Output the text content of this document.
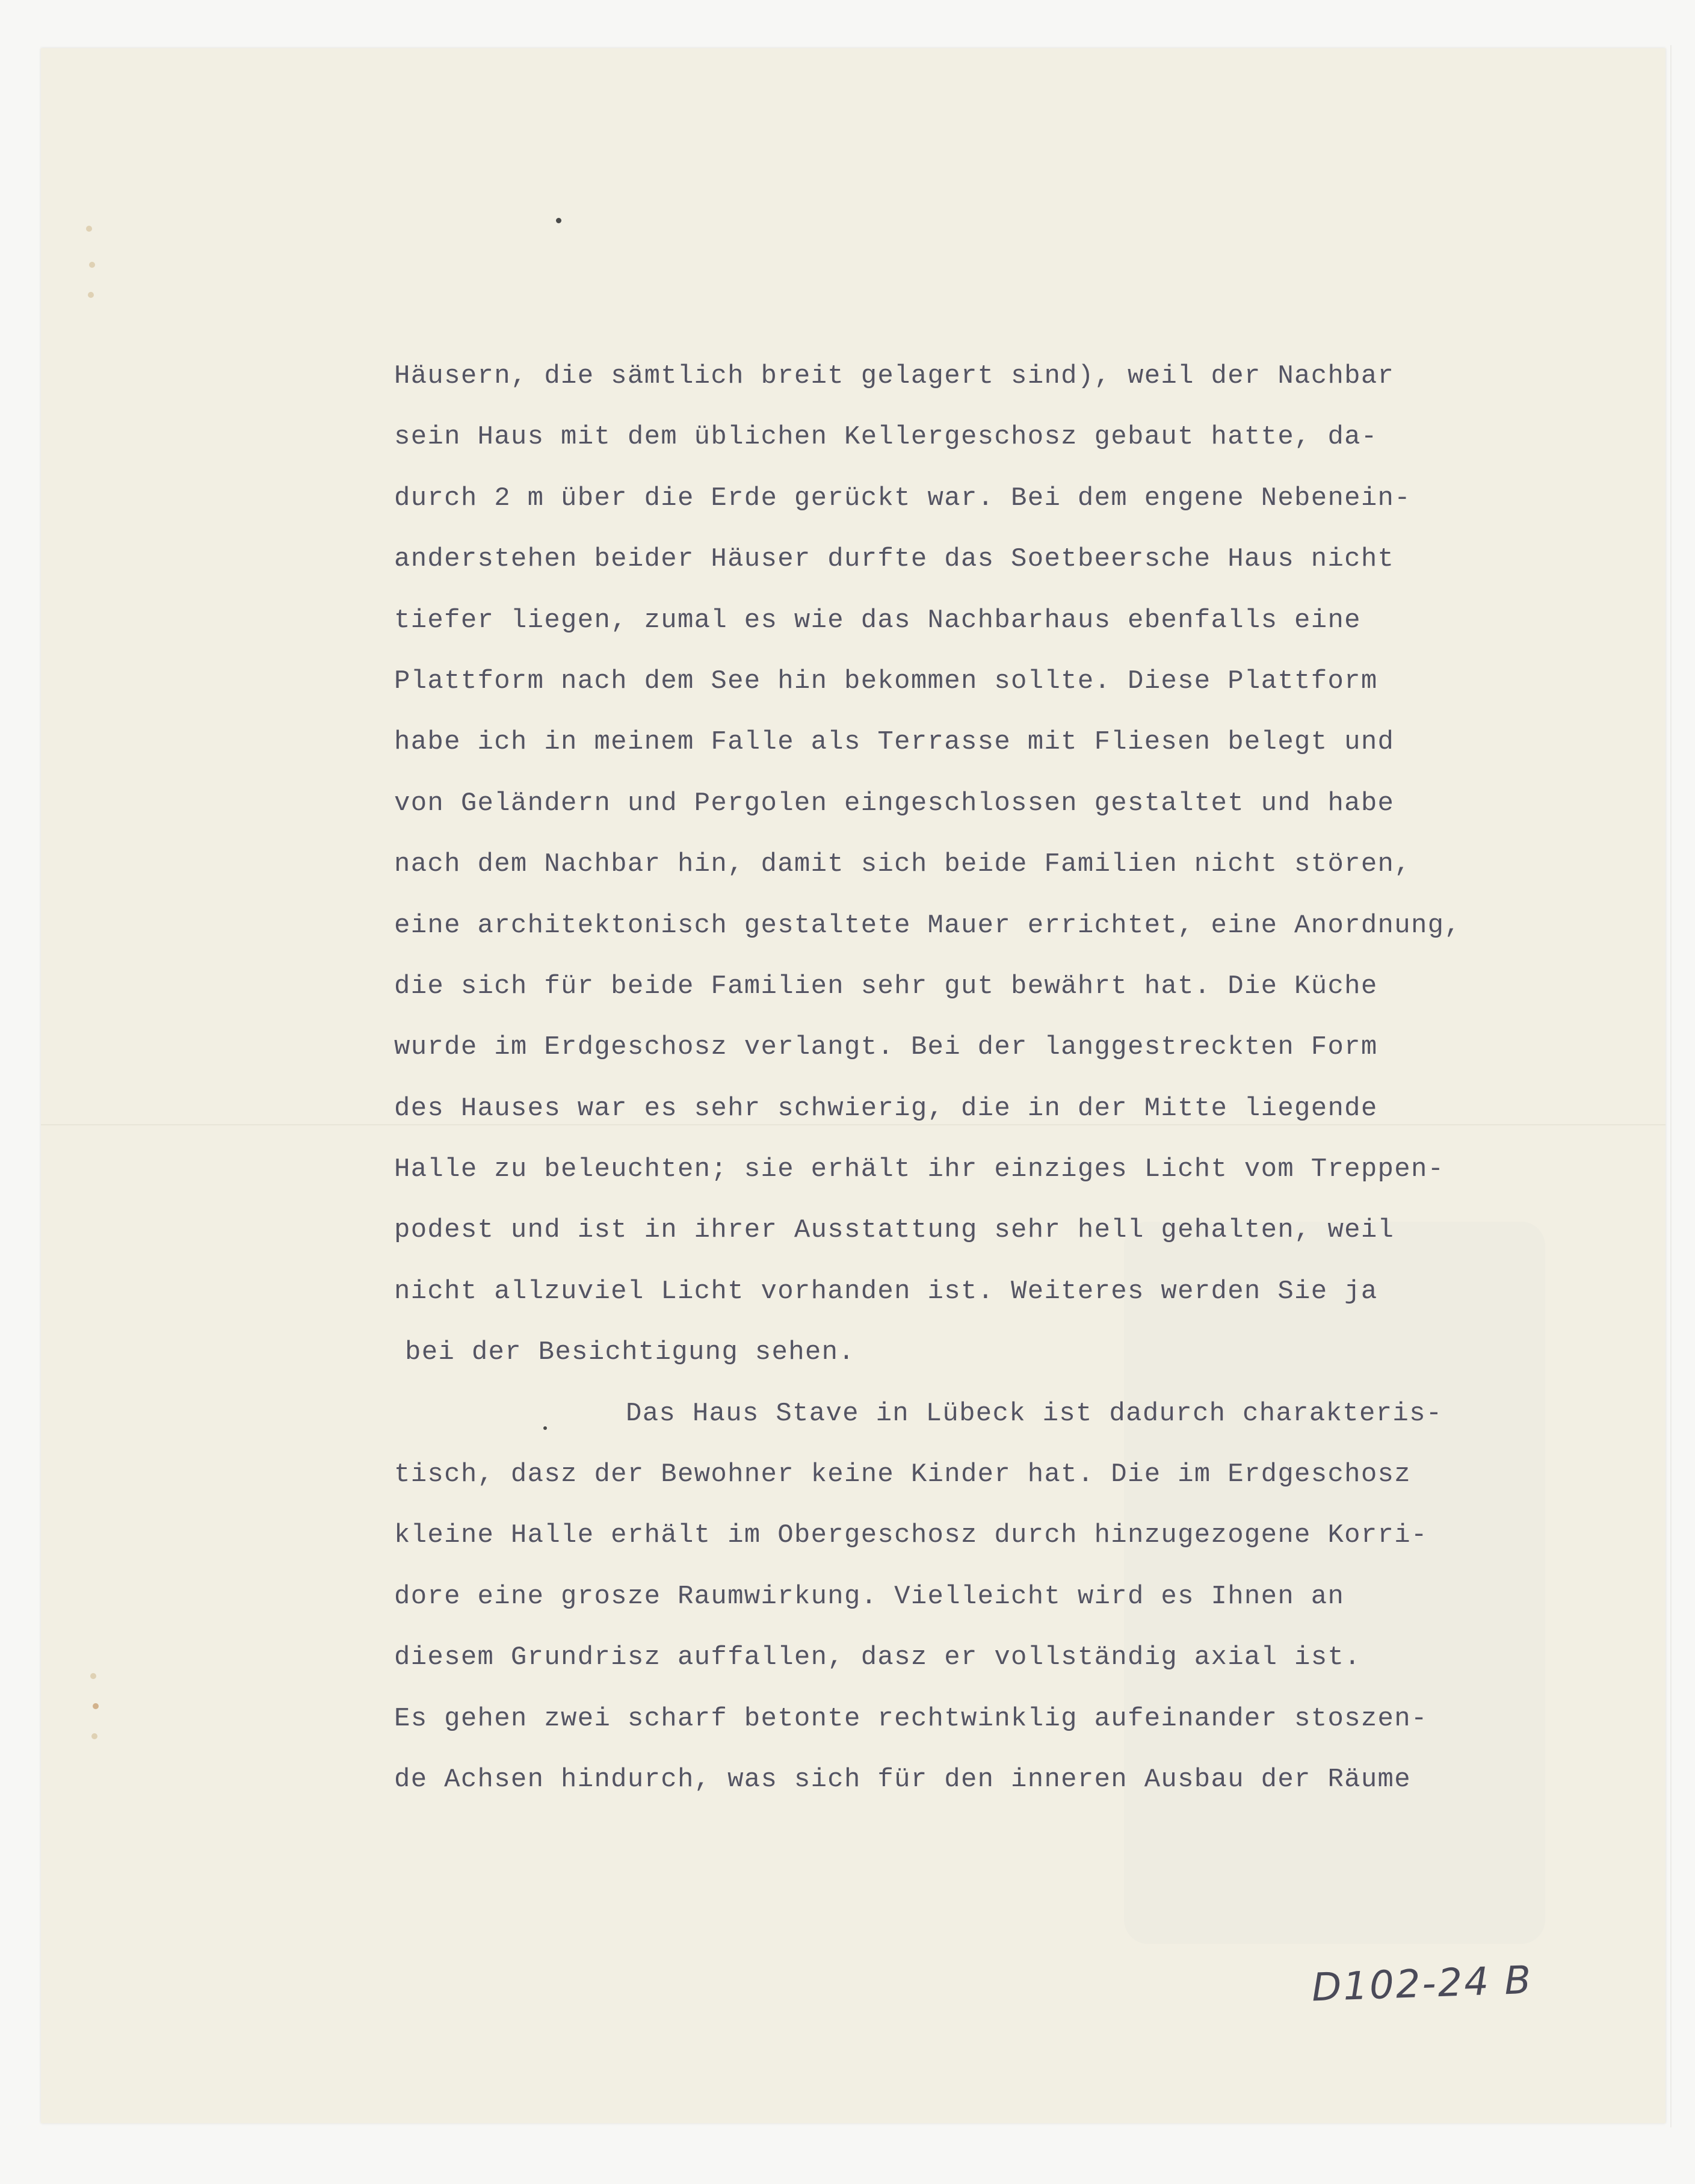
Häusern, die sämtlich breit gelagert sind), weil der Nachbar
sein Haus mit dem üblichen Kellergeschosz gebaut hatte, da-
durch 2 m über die Erde gerückt war. Bei dem engene Nebenein-
anderstehen beider Häuser durfte das Soetbeersche Haus nicht
tiefer liegen, zumal es wie das Nachbarhaus ebenfalls eine
Plattform nach dem See hin bekommen sollte. Diese Plattform
habe ich in meinem Falle als Terrasse mit Fliesen belegt und
von Geländern und Pergolen eingeschlossen gestaltet und habe
nach dem Nachbar hin, damit sich beide Familien nicht stören,
eine architektonisch gestaltete Mauer errichtet, eine Anordnung,
die sich für beide Familien sehr gut bewährt hat. Die Küche
wurde im Erdgeschosz verlangt. Bei der langgestreckten Form
des Hauses war es sehr schwierig, die in der Mitte liegende
Halle zu beleuchten; sie erhält ihr einziges Licht vom Treppen-
podest und ist in ihrer Ausstattung sehr hell gehalten, weil
nicht allzuviel Licht vorhanden ist. Weiteres werden Sie ja
bei der Besichtigung sehen.
Das Haus Stave in Lübeck ist dadurch charakteris-
tisch, dasz der Bewohner keine Kinder hat. Die im Erdgeschosz
kleine Halle erhält im Obergeschosz durch hinzugezogene Korri-
dore eine grosze Raumwirkung. Vielleicht wird es Ihnen an
diesem Grundrisz auffallen, dasz er vollständig axial ist.
Es gehen zwei scharf betonte rechtwinklig aufeinander stoszen-
de Achsen hindurch, was sich für den inneren Ausbau der Räume
D102-24 B
